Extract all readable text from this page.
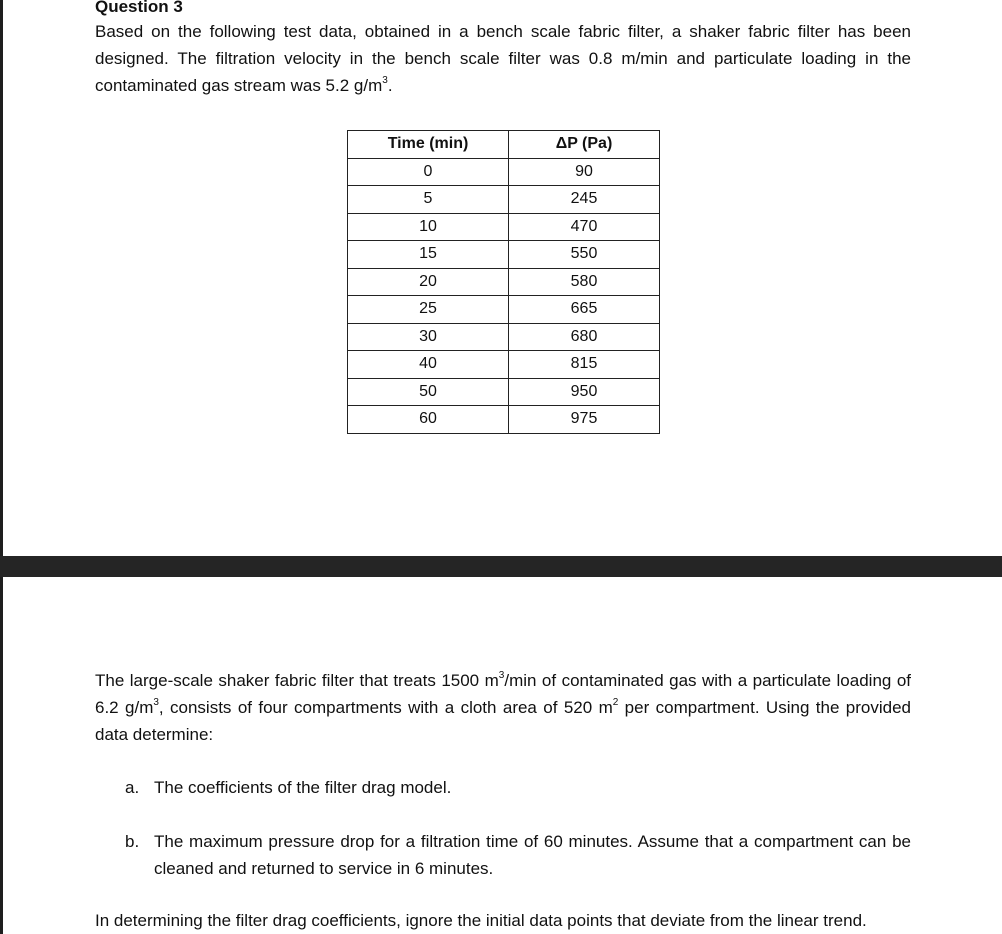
Question 3

Based on the following test data, obtained in a bench scale fabric filter, a shaker fabric filter has been designed. The filtration velocity in the bench scale filter was 0.8 m/min and particulate loading in the contaminated gas stream was 5.2 $g/m^3$.

Time (min)	ΔP (Pa)
0	90
5	245
10	470
15	550
20	580
25	665
30	680
40	815
50	950
60	975

The large-scale shaker fabric filter that treats 1500 $m^3/\min$ of contaminated gas with a particulate loading of 6.2 $g/m^3$, consists of four compartments with a cloth area of 520 $m^2$ per compartment. Using the provided data determine:

a. The coefficients of the filter drag model.
b. The maximum pressure drop for a filtration time of 60 minutes. Assume that a compartment can be cleaned and returned to service in 6 minutes.

In determining the filter drag coefficients, ignore the initial data points that deviate from the linear trend.
